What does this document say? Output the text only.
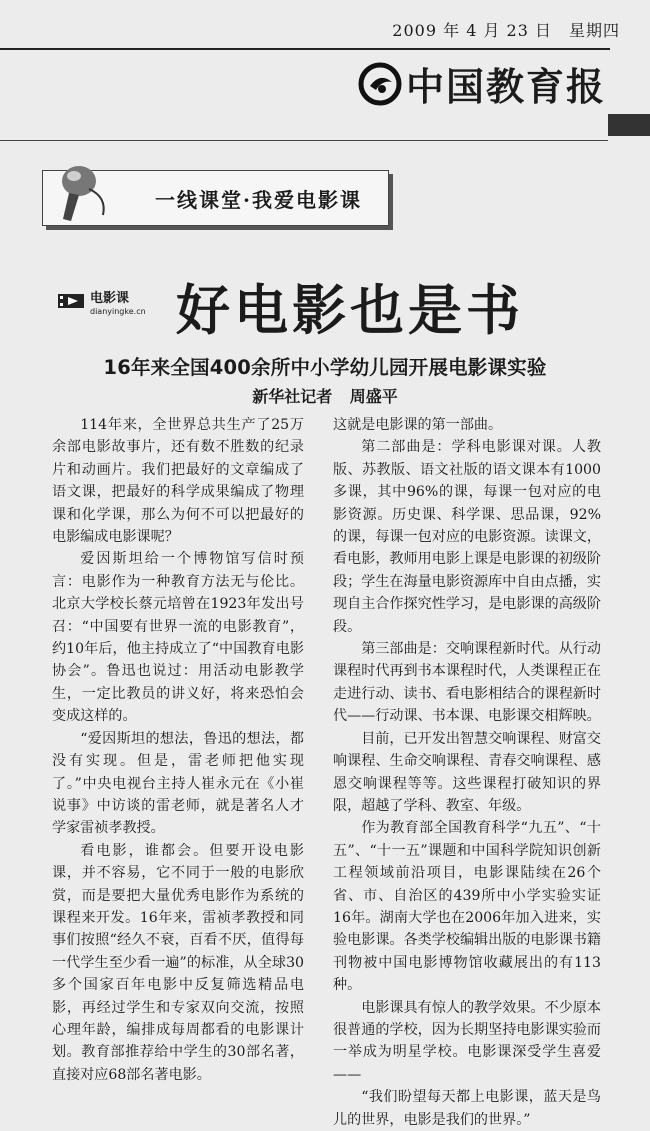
2009 年 4 月 23 日　星期四
中国教育报
一线课堂·我爱电影课
电影课
dianyingke.cn 好电影也是书
16年来全国400余所中小学幼儿园开展电影课实验
新华社记者 周盛平

114年来，全世界总共生产了25万余部电影故事片，还有数不胜数的纪录片和动画片。我们把最好的文章编成了语文课，把最好的科学成果编成了物理课和化学课，那么为何不可以把最好的电影编成电影课呢？

爱因斯坦给一个博物馆写信时预言：电影作为一种教育方法无与伦比。北京大学校长蔡元培曾在1923年发出号召：“中国要有世界一流的电影教育”，约10年后，他主持成立了“中国教育电影协会”。鲁迅也说过：用活动电影教学生，一定比教员的讲义好，将来恐怕会变成这样的。

“爱因斯坦的想法，鲁迅的想法，都没有实现。但是，雷老师把他实现了。”中央电视台主持人崔永元在《小崔说事》中访谈的雷老师，就是著名人才学家雷祯孝教授。

看电影，谁都会。但要开设电影课，并不容易，它不同于一般的电影欣赏，而是要把大量优秀电影作为系统的课程来开发。16年来，雷祯孝教授和同事们按照“经久不衰，百看不厌，值得每一代学生至少看一遍”的标准，从全球30多个国家百年电影中反复筛选精品电影，再经过学生和专家双向交流，按照心理年龄，编排成每周都看的电影课计划。教育部推荐给中学生的30部名著，直接对应68部名著电影。

这就是电影课的第一部曲。

第二部曲是：学科电影课对课。人教版、苏教版、语文社版的语文课本有1000多课，其中96%的课，每课一包对应的电影资源。历史课、科学课、思品课，92%的课，每课一包对应的电影资源。读课文，看电影，教师用电影上课是电影课的初级阶段；学生在海量电影资源库中自由点播，实现自主合作探究性学习，是电影课的高级阶段。

第三部曲是：交响课程新时代。从行动课程时代再到书本课程时代，人类课程正在走进行动、读书、看电影相结合的课程新时代——行动课、书本课、电影课交相辉映。

目前，已开发出智慧交响课程、财富交响课程、生命交响课程、青春交响课程、感恩交响课程等等。这些课程打破知识的界限，超越了学科、教室、年级。

作为教育部全国教育科学“九五”、“十五”、“十一五”课题和中国科学院知识创新工程领域前沿项目，电影课陆续在26个省、市、自治区的439所中小学实验实证16年。湖南大学也在2006年加入进来，实验电影课。各类学校编辑出版的电影课书籍刊物被中国电影博物馆收藏展出的有113种。

电影课具有惊人的教学效果。不少原本很普通的学校，因为长期坚持电影课实验而一举成为明星学校。电影课深受学生喜爱——

“我们盼望每天都上电影课，蓝天是鸟儿的世界，电影是我们的世界。”
